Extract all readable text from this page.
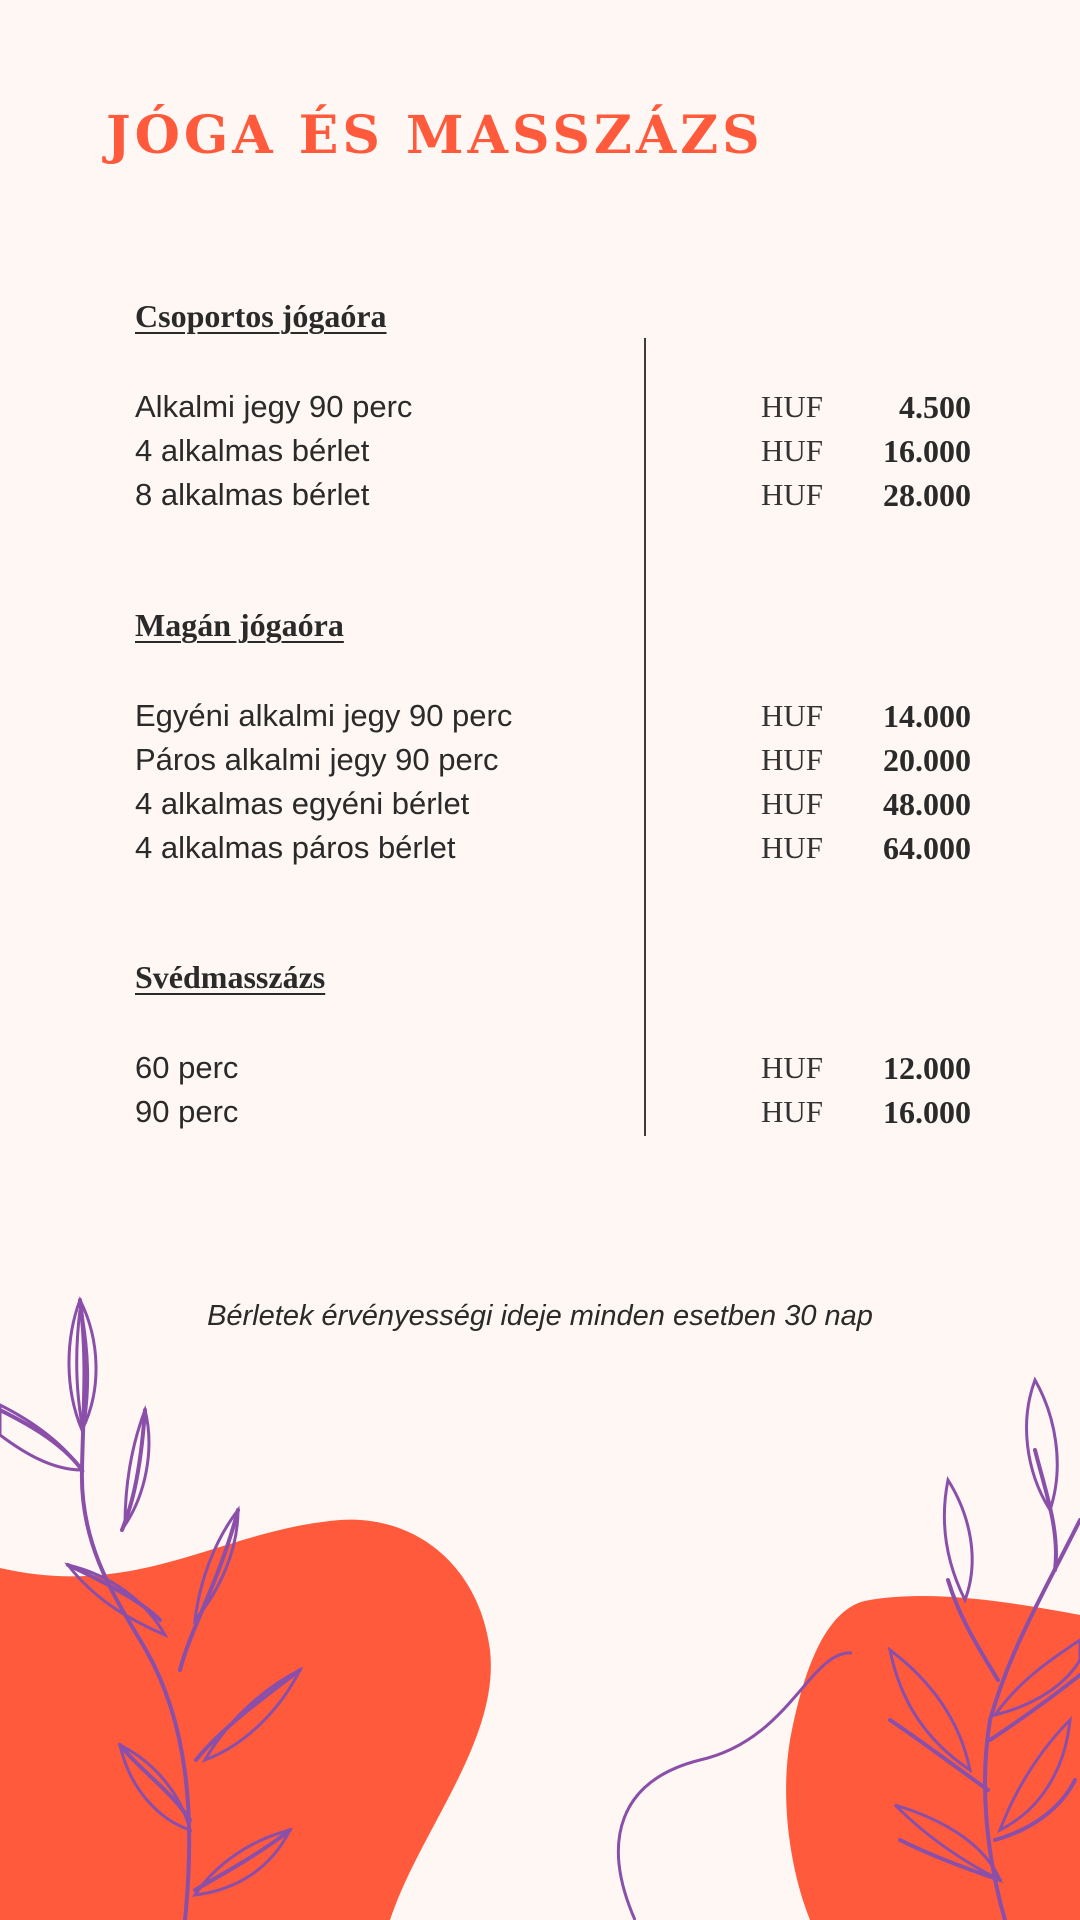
JÓGA ÉS MASSZÁZS
Csoportos jógaóra
Alkalmi jegy 90 perc	HUF 4.500
4 alkalmas bérlet	HUF 16.000
8 alkalmas bérlet	HUF 28.000
Magán jógaóra
Egyéni alkalmi jegy 90 perc	HUF 14.000
Páros alkalmi jegy 90 perc	HUF 20.000
4 alkalmas egyéni bérlet	HUF 48.000
4 alkalmas páros bérlet	HUF 64.000
Svédmasszázs
60 perc	HUF 12.000
90 perc	HUF 16.000

Bérletek érvényességi ideje minden esetben 30 nap
